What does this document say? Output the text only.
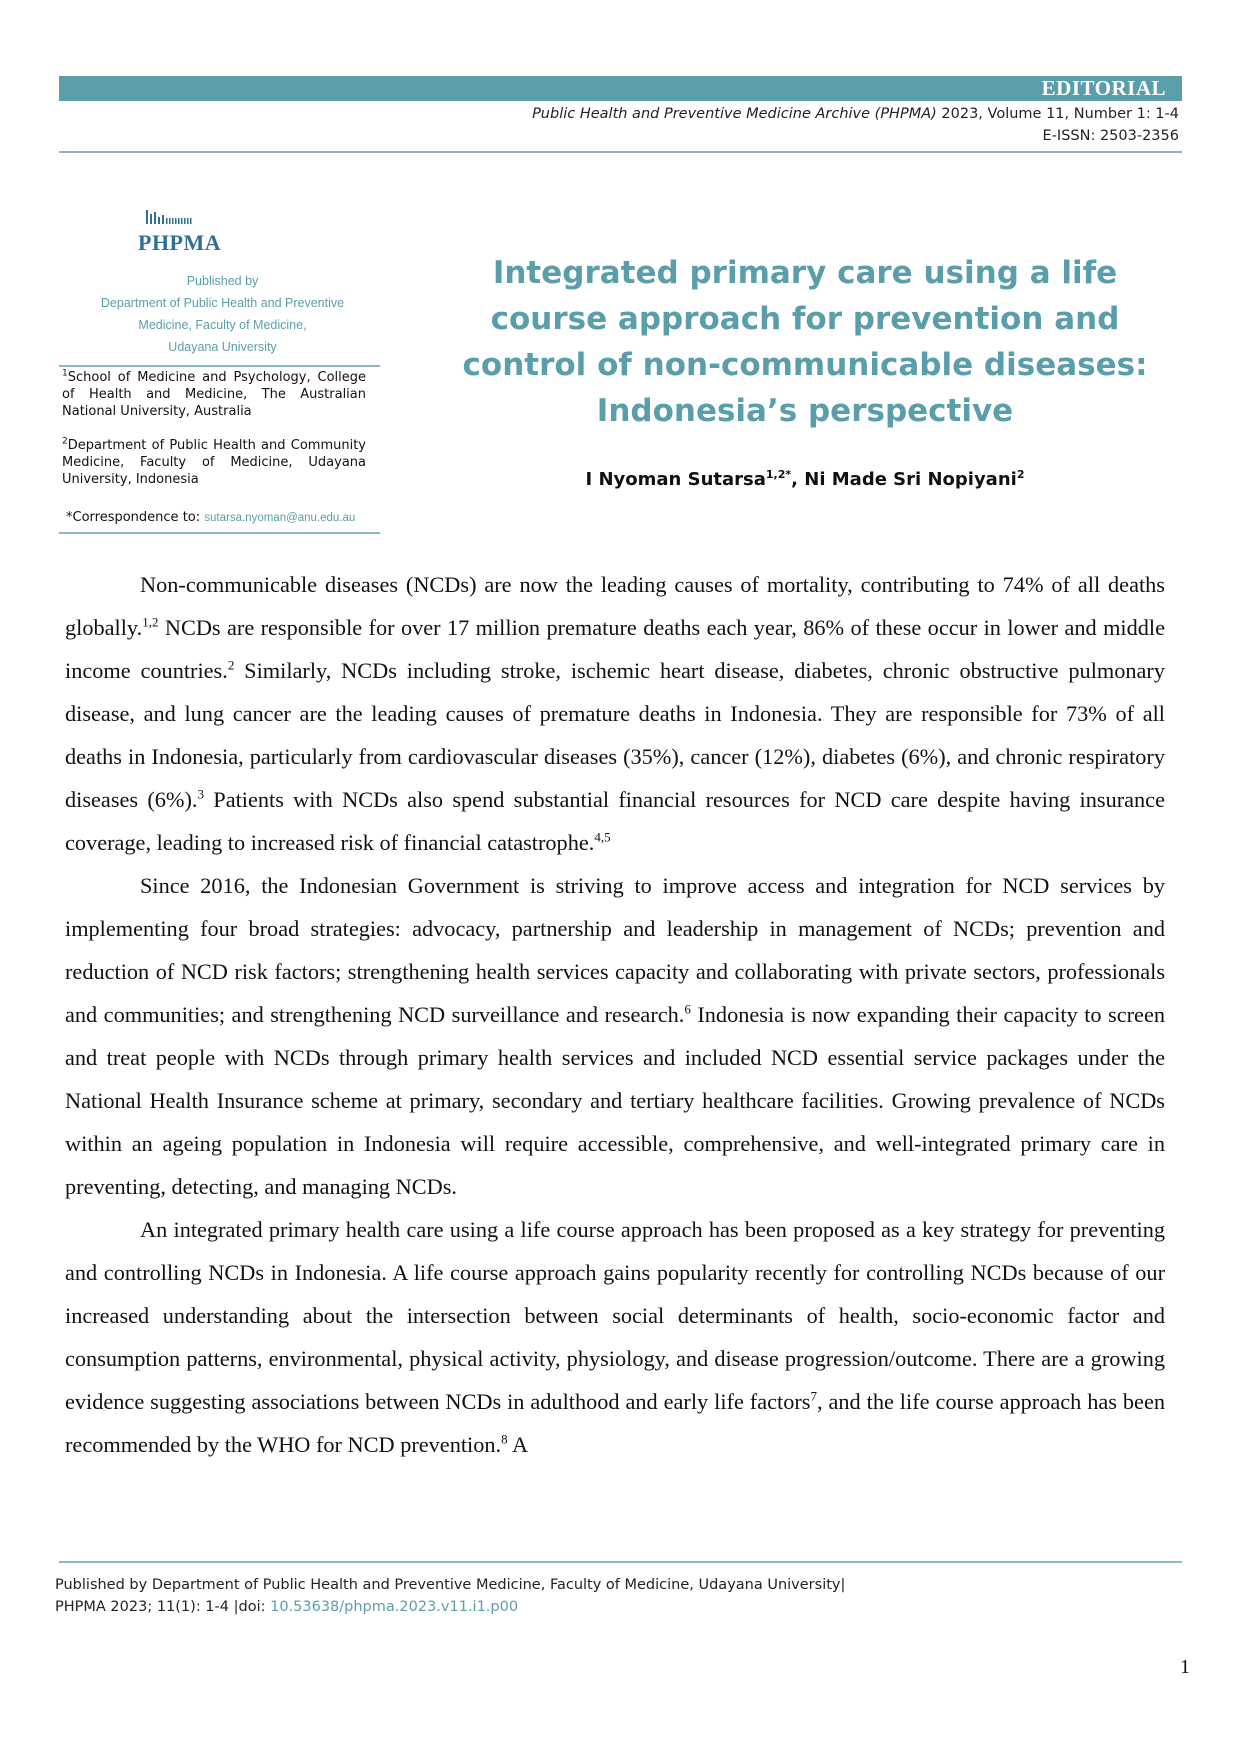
EDITORIAL
Public Health and Preventive Medicine Archive (PHPMA) 2023, Volume 11, Number 1: 1-4
E-ISSN: 2503-2356
PHPMA
Published by
Department of Public Health and Preventive
Medicine, Faculty of Medicine,
Udayana University
$^1$School of Medicine and Psychology, College of Health and Medicine, The Australian National University, Australia
$^2$Department of Public Health and Community Medicine, Faculty of Medicine, Udayana University, Indonesia
*Correspondence to: sutarsa.nyoman@anu.edu.au
Integrated primary care using a life course approach for prevention and control of non-communicable diseases: Indonesia’s perspective
I Nyoman Sutarsa$^{1,2*}$, Ni Made Sri Nopiyani$^2$

Non-communicable diseases (NCDs) are now the leading causes of mortality, contributing to 74% of all deaths globally.$^{1,2}$ NCDs are responsible for over 17 million premature deaths each year, 86% of these occur in lower and middle income countries.$^2$ Similarly, NCDs including stroke, ischemic heart disease, diabetes, chronic obstructive pulmonary disease, and lung cancer are the leading causes of premature deaths in Indonesia. They are responsible for 73% of all deaths in Indonesia, particularly from cardiovascular diseases (35%), cancer (12%), diabetes (6%), and chronic respiratory diseases (6%).$^3$ Patients with NCDs also spend substantial financial resources for NCD care despite having insurance coverage, leading to increased risk of financial catastrophe.$^{4,5}$

Since 2016, the Indonesian Government is striving to improve access and integration for NCD services by implementing four broad strategies: advocacy, partnership and leadership in management of NCDs; prevention and reduction of NCD risk factors; strengthening health services capacity and collaborating with private sectors, professionals and communities; and strengthening NCD surveillance and research.$^6$ Indonesia is now expanding their capacity to screen and treat people with NCDs through primary health services and included NCD essential service packages under the National Health Insurance scheme at primary, secondary and tertiary healthcare facilities. Growing prevalence of NCDs within an ageing population in Indonesia will require accessible, comprehensive, and well-integrated primary care in preventing, detecting, and managing NCDs.

An integrated primary health care using a life course approach has been proposed as a key strategy for preventing and controlling NCDs in Indonesia. A life course approach gains popularity recently for controlling NCDs because of our increased understanding about the intersection between social determinants of health, socio-economic factor and consumption patterns, environmental, physical activity, physiology, and disease progression/outcome. There are a growing evidence suggesting associations between NCDs in adulthood and early life factors$^7$, and the life course approach has been recommended by the WHO for NCD prevention.$^8$ A

Published by Department of Public Health and Preventive Medicine, Faculty of Medicine, Udayana University|
PHPMA 2023; 11(1): 1-4 |doi: 10.53638/phpma.2023.v11.i1.p00
1
